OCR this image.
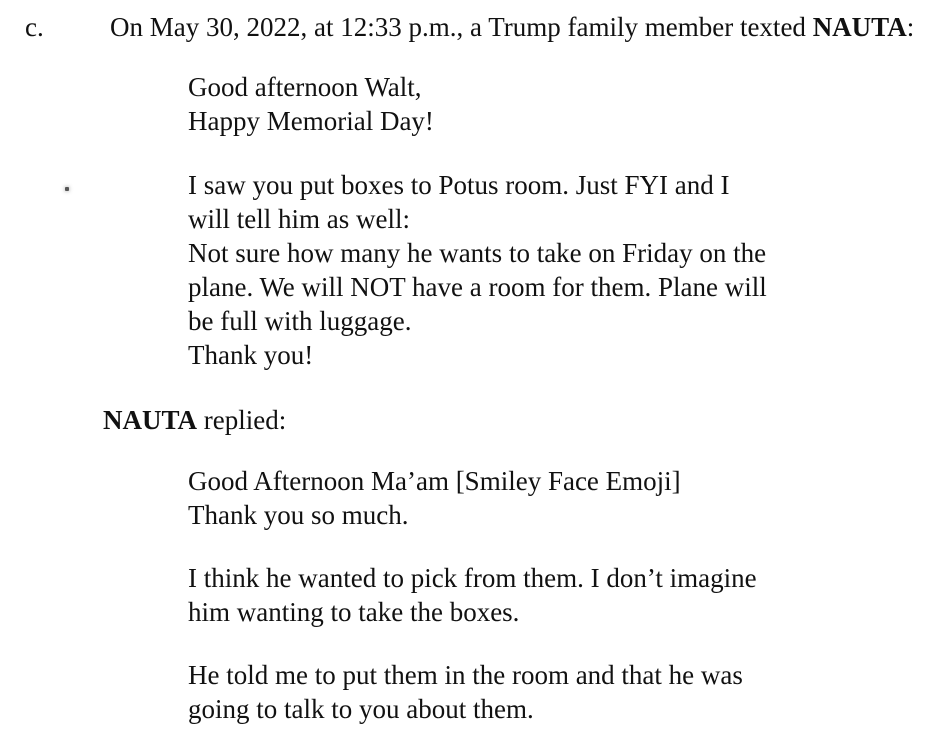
c.	On May 30, 2022, at 12:33 p.m., a Trump family member texted NAUTA:
Good afternoon Walt,
Happy Memorial Day!
I saw you put boxes to Potus room. Just FYI and I
will tell him as well:
Not sure how many he wants to take on Friday on the
plane. We will NOT have a room for them. Plane will
be full with luggage.
Thank you!
NAUTA replied:
Good Afternoon Ma’am [Smiley Face Emoji]
Thank you so much.
I think he wanted to pick from them. I don’t imagine
him wanting to take the boxes.
He told me to put them in the room and that he was
going to talk to you about them.
